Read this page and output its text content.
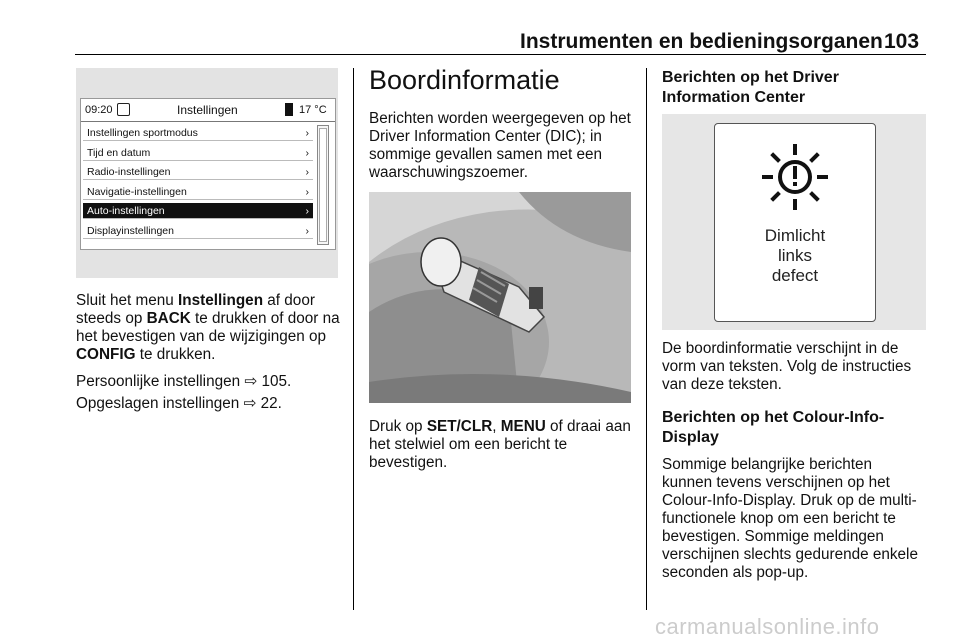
Instrumenten en bedieningsorganen 103
09:20	Instellingen	17 °C
Instellingen sportmodus	›
Tijd en datum	›
Radio-instellingen	›
Navigatie-instellingen	›
Auto-instellingen	›
Displayinstellingen	›
Sluit het menu Instellingen af door steeds op BACK te drukken of door na het bevestigen van de wijzigingen op CONFIG te drukken.
Persoonlijke instellingen ⇨ 105.
Opgeslagen instellingen ⇨ 22.
Boordinformatie
Berichten worden weergegeven op het Driver Information Center (DIC); in sommige gevallen samen met een waarschuwingszoemer.
Druk op SET/CLR, MENU of draai aan het stelwiel om een bericht te bevestigen.
Berichten op het Driver Information Center
Dimlicht
links
defect
De boordinformatie verschijnt in de vorm van teksten. Volg de instructies van deze teksten.
Berichten op het Colour-Info-Display
Sommige belangrijke berichten kunnen tevens verschijnen op het Colour-Info-Display. Druk op de multi-functionele knop om een bericht te bevestigen. Sommige meldingen verschijnen slechts gedurende enkele seconden als pop-up.
carmanualsonline.info
